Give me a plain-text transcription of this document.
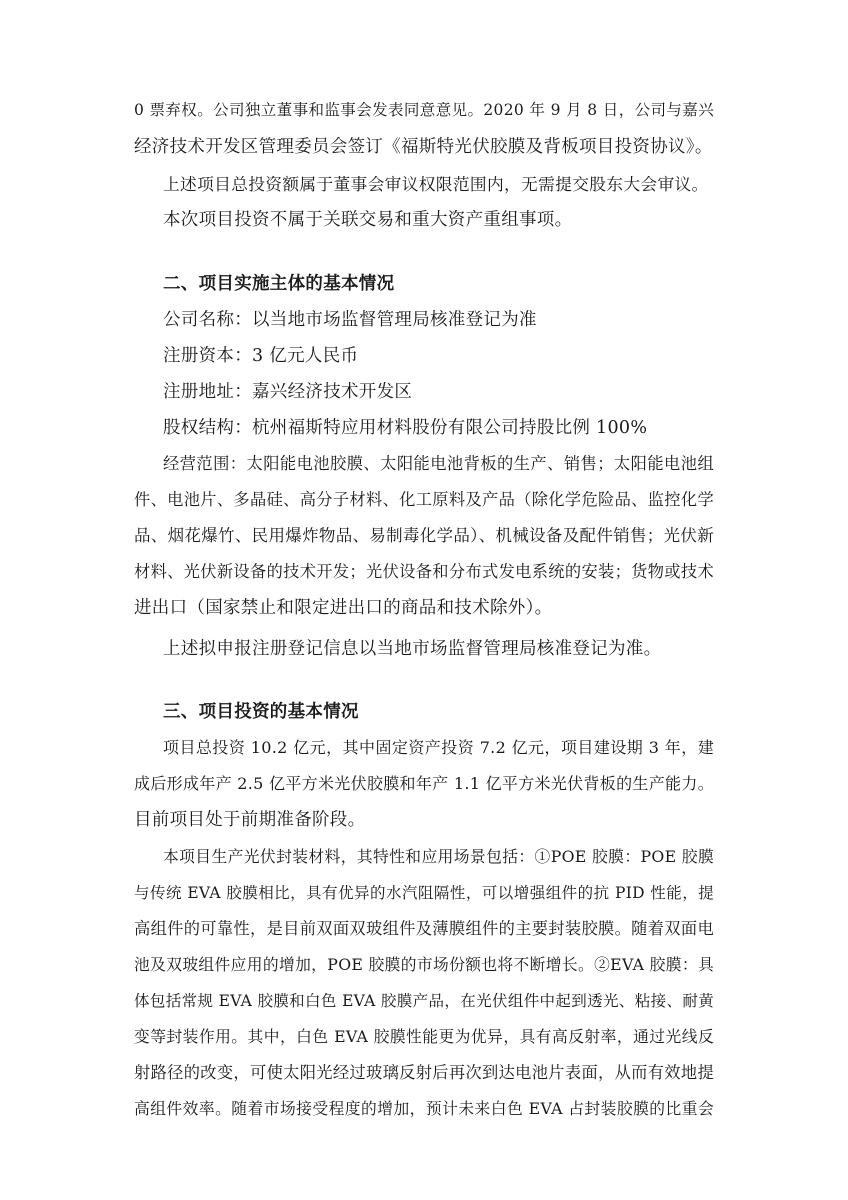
0 票弃权。公司独立董事和监事会发表同意意见。2020 年 9 月 8 日，公司与嘉兴
经济技术开发区管理委员会签订《福斯特光伏胶膜及背板项目投资协议》。
上述项目总投资额属于董事会审议权限范围内，无需提交股东大会审议。
本次项目投资不属于关联交易和重大资产重组事项。
二、项目实施主体的基本情况
公司名称：以当地市场监督管理局核准登记为准
注册资本：3 亿元人民币
注册地址：嘉兴经济技术开发区
股权结构：杭州福斯特应用材料股份有限公司持股比例 100%
经营范围：太阳能电池胶膜、太阳能电池背板的生产、销售；太阳能电池组
件、电池片、多晶硅、高分子材料、化工原料及产品（除化学危险品、监控化学
品、烟花爆竹、民用爆炸物品、易制毒化学品）、机械设备及配件销售；光伏新
材料、光伏新设备的技术开发；光伏设备和分布式发电系统的安装；货物或技术
进出口（国家禁止和限定进出口的商品和技术除外）。
上述拟申报注册登记信息以当地市场监督管理局核准登记为准。
三、项目投资的基本情况
项目总投资 10.2 亿元，其中固定资产投资 7.2 亿元，项目建设期 3 年，建
成后形成年产 2.5 亿平方米光伏胶膜和年产 1.1 亿平方米光伏背板的生产能力。
目前项目处于前期准备阶段。
本项目生产光伏封装材料，其特性和应用场景包括：①POE 胶膜：POE 胶膜
与传统 EVA 胶膜相比，具有优异的水汽阻隔性，可以增强组件的抗 PID 性能，提
高组件的可靠性，是目前双面双玻组件及薄膜组件的主要封装胶膜。随着双面电
池及双玻组件应用的增加，POE 胶膜的市场份额也将不断增长。②EVA 胶膜：具
体包括常规 EVA 胶膜和白色 EVA 胶膜产品，在光伏组件中起到透光、粘接、耐黄
变等封装作用。其中，白色 EVA 胶膜性能更为优异，具有高反射率，通过光线反
射路径的改变，可使太阳光经过玻璃反射后再次到达电池片表面，从而有效地提
高组件效率。随着市场接受程度的增加，预计未来白色 EVA 占封装胶膜的比重会
